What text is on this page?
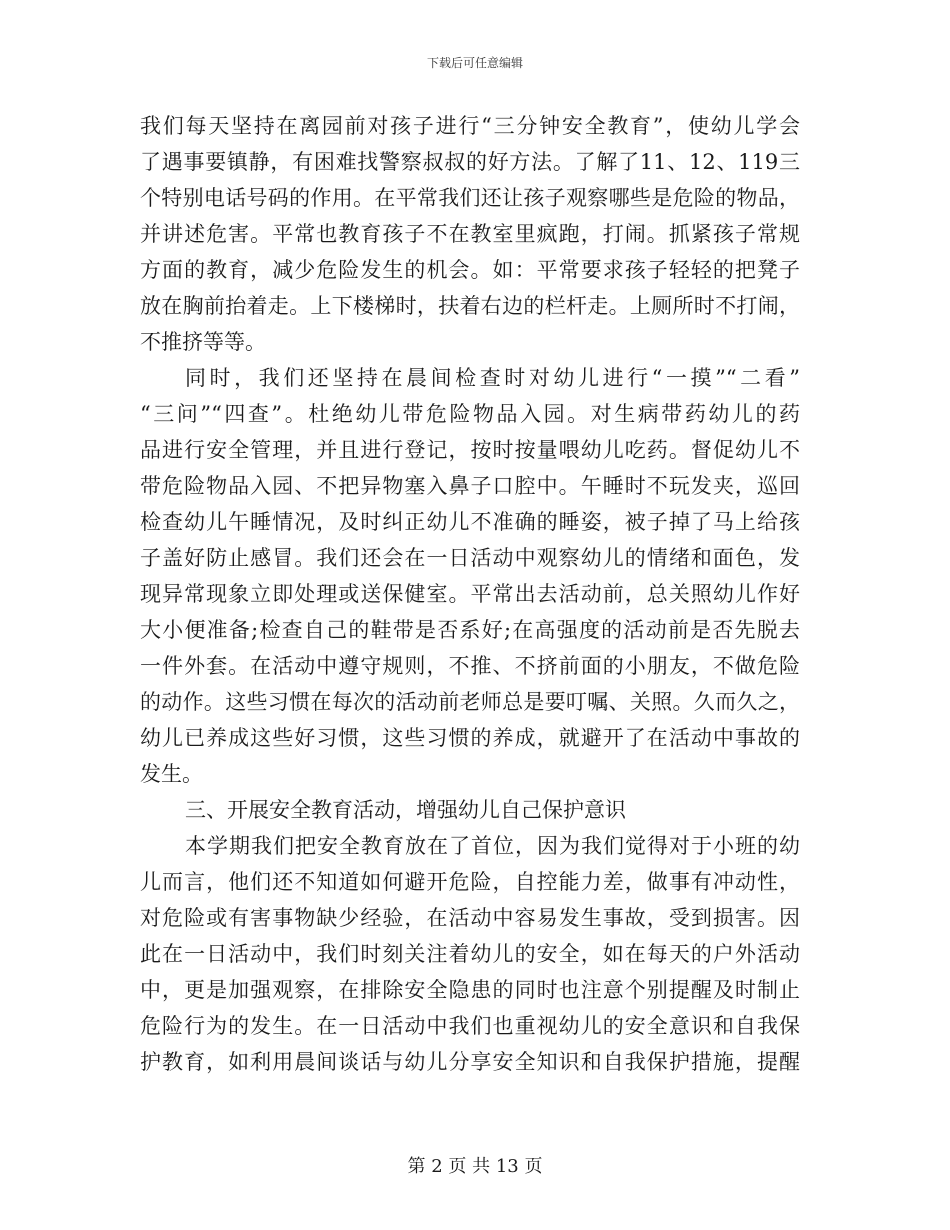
下载后可任意编辑
我们每天坚持在离园前对孩子进行“三分钟安全教育”，使幼儿学会
了遇事要镇静，有困难找警察叔叔的好方法。了解了11、12、119三
个特别电话号码的作用。在平常我们还让孩子观察哪些是危险的物品，
并讲述危害。平常也教育孩子不在教室里疯跑，打闹。抓紧孩子常规
方面的教育，减少危险发生的机会。如：平常要求孩子轻轻的把凳子
放在胸前抬着走。上下楼梯时，扶着右边的栏杆走。上厕所时不打闹，
不推挤等等。
同时，我们还坚持在晨间检查时对幼儿进行“一摸”“二看”
“三问”“四查”。杜绝幼儿带危险物品入园。对生病带药幼儿的药
品进行安全管理，并且进行登记，按时按量喂幼儿吃药。督促幼儿不
带危险物品入园、不把异物塞入鼻子口腔中。午睡时不玩发夹，巡回
检查幼儿午睡情况，及时纠正幼儿不准确的睡姿，被子掉了马上给孩
子盖好防止感冒。我们还会在一日活动中观察幼儿的情绪和面色，发
现异常现象立即处理或送保健室。平常出去活动前，总关照幼儿作好
大小便准备;检查自己的鞋带是否系好;在高强度的活动前是否先脱去
一件外套。在活动中遵守规则，不推、不挤前面的小朋友，不做危险
的动作。这些习惯在每次的活动前老师总是要叮嘱、关照。久而久之，
幼儿已养成这些好习惯，这些习惯的养成，就避开了在活动中事故的
发生。
三、开展安全教育活动，增强幼儿自己保护意识
本学期我们把安全教育放在了首位，因为我们觉得对于小班的幼
儿而言，他们还不知道如何避开危险，自控能力差，做事有冲动性，
对危险或有害事物缺少经验，在活动中容易发生事故，受到损害。因
此在一日活动中，我们时刻关注着幼儿的安全，如在每天的户外活动
中，更是加强观察，在排除安全隐患的同时也注意个别提醒及时制止
危险行为的发生。在一日活动中我们也重视幼儿的安全意识和自我保
护教育，如利用晨间谈话与幼儿分享安全知识和自我保护措施，提醒
第 2 页 共 13 页
